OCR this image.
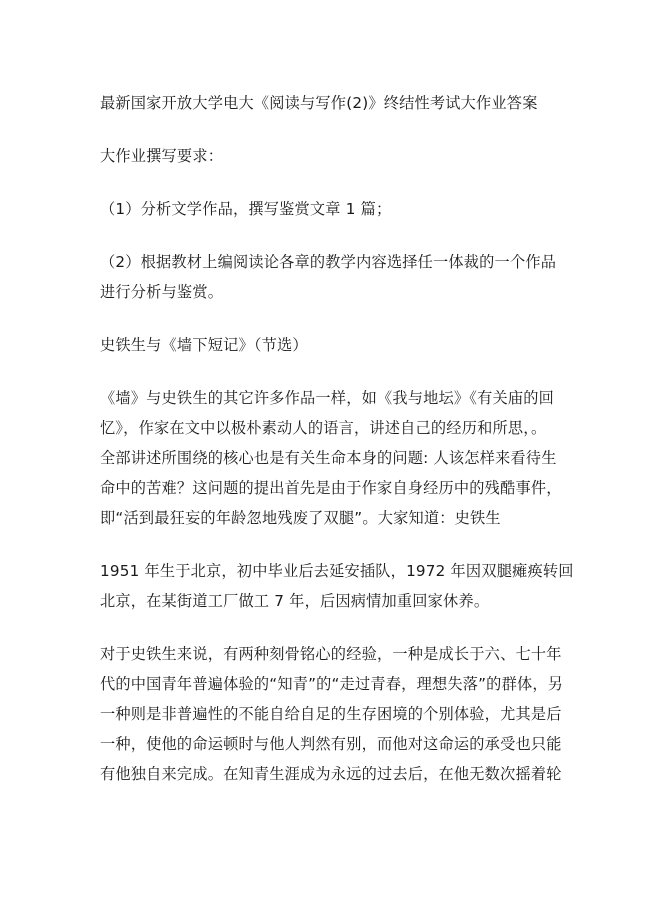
最新国家开放大学电大《阅读与写作(2)》终结性考试大作业答案

大作业撰写要求：

（1）分析文学作品，撰写鉴赏文章 1 篇；

（2）根据教材上编阅读论各章的教学内容选择任一体裁的一个作品
进行分析与鉴赏。

史铁生与《墙下短记》（节选）

《墙》与史铁生的其它许多作品一样，如《我与地坛》《有关庙的回
忆》，作家在文中以极朴素动人的语言，讲述自己的经历和所思，。
全部讲述所围绕的核心也是有关生命本身的问题: 人该怎样来看待生
命中的苦难？这问题的提出首先是由于作家自身经历中的残酷事件，
即“活到最狂妄的年龄忽地残废了双腿”。大家知道：史铁生

1951 年生于北京，初中毕业后去延安插队，1972 年因双腿瘫痪转回
北京，在某街道工厂做工 7 年，后因病情加重回家休养。

对于史铁生来说，有两种刻骨铭心的经验，一种是成长于六、七十年
代的中国青年普遍体验的“知青”的“走过青春，理想失落”的群体，另
一种则是非普遍性的不能自给自足的生存困境的个别体验，尤其是后
一种，使他的命运顿时与他人判然有别，而他对这命运的承受也只能
有他独自来完成。在知青生涯成为永远的过去后，在他无数次摇着轮
